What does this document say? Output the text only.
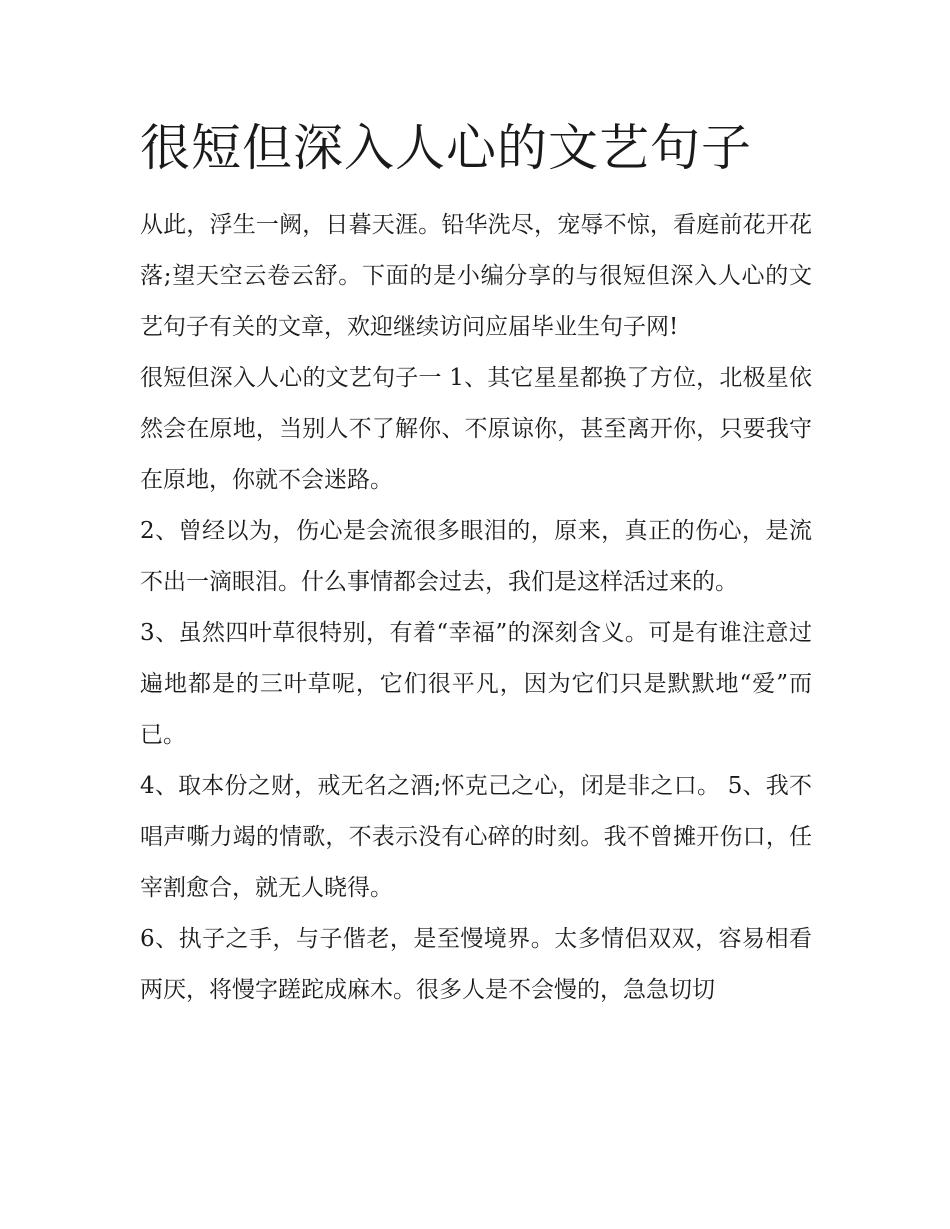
很短但深入人心的文艺句子

从此，浮生一阙，日暮天涯。铅华洗尽，宠辱不惊，看庭前花开花落;望天空云卷云舒。下面的是小编分享的与很短但深入人心的文艺句子有关的文章，欢迎继续访问应届毕业生句子网!

很短但深入人心的文艺句子一 1、其它星星都换了方位，北极星依然会在原地，当别人不了解你、不原谅你，甚至离开你，只要我守在原地，你就不会迷路。

2、曾经以为，伤心是会流很多眼泪的，原来，真正的伤心，是流不出一滴眼泪。什么事情都会过去，我们是这样活过来的。

3、虽然四叶草很特别，有着“幸福”的深刻含义。可是有谁注意过遍地都是的三叶草呢，它们很平凡，因为它们只是默默地“爱”而已。

4、取本份之财，戒无名之酒;怀克己之心，闭是非之口。 5、我不唱声嘶力竭的情歌，不表示没有心碎的时刻。我不曾摊开伤口，任宰割愈合，就无人晓得。

6、执子之手，与子偕老，是至慢境界。太多情侣双双，容易相看两厌，将慢字蹉跎成麻木。很多人是不会慢的，急急切切
